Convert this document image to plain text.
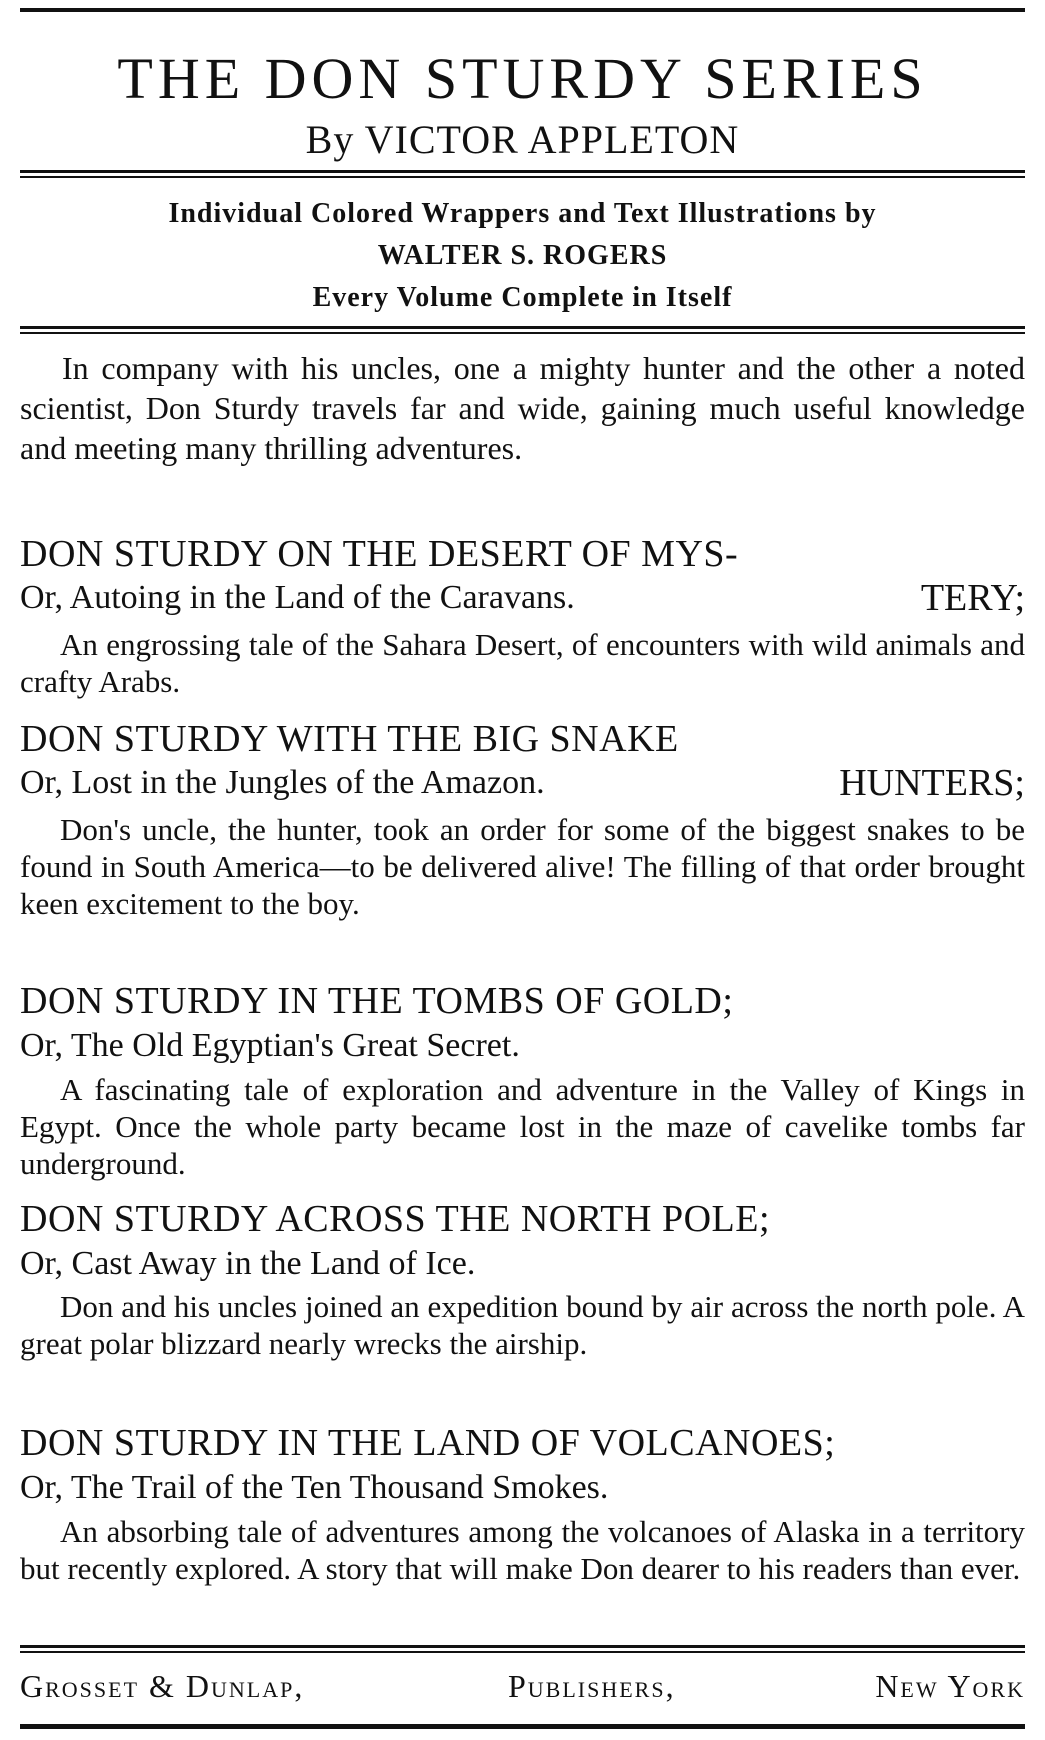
THE DON STURDY SERIES
By VICTOR APPLETON
Individual Colored Wrappers and Text Illustrations by
WALTER S. ROGERS
Every Volume Complete in Itself
In company with his uncles, one a mighty hunter and the other a noted scientist, Don Sturdy travels far and wide, gaining much useful knowledge and meeting many thrilling adventures.
DON STURDY ON THE DESERT OF MYS-
Or, Autoing in the Land of the Caravans.	TERY;
An engrossing tale of the Sahara Desert, of encounters with wild animals and crafty Arabs.
DON STURDY WITH THE BIG SNAKE
Or, Lost in the Jungles of the Amazon.	HUNTERS;
Don's uncle, the hunter, took an order for some of the biggest snakes to be found in South America—to be delivered alive! The filling of that order brought keen excitement to the boy.
DON STURDY IN THE TOMBS OF GOLD;
Or, The Old Egyptian's Great Secret.
A fascinating tale of exploration and adventure in the Valley of Kings in Egypt. Once the whole party became lost in the maze of cavelike tombs far underground.
DON STURDY ACROSS THE NORTH POLE;
Or, Cast Away in the Land of Ice.
Don and his uncles joined an expedition bound by air across the north pole. A great polar blizzard nearly wrecks the airship.
DON STURDY IN THE LAND OF VOLCANOES;
Or, The Trail of the Ten Thousand Smokes.
An absorbing tale of adventures among the volcanoes of Alaska in a territory but recently explored. A story that will make Don dearer to his readers than ever.
Grosset & Dunlap,	Publishers,	New York
